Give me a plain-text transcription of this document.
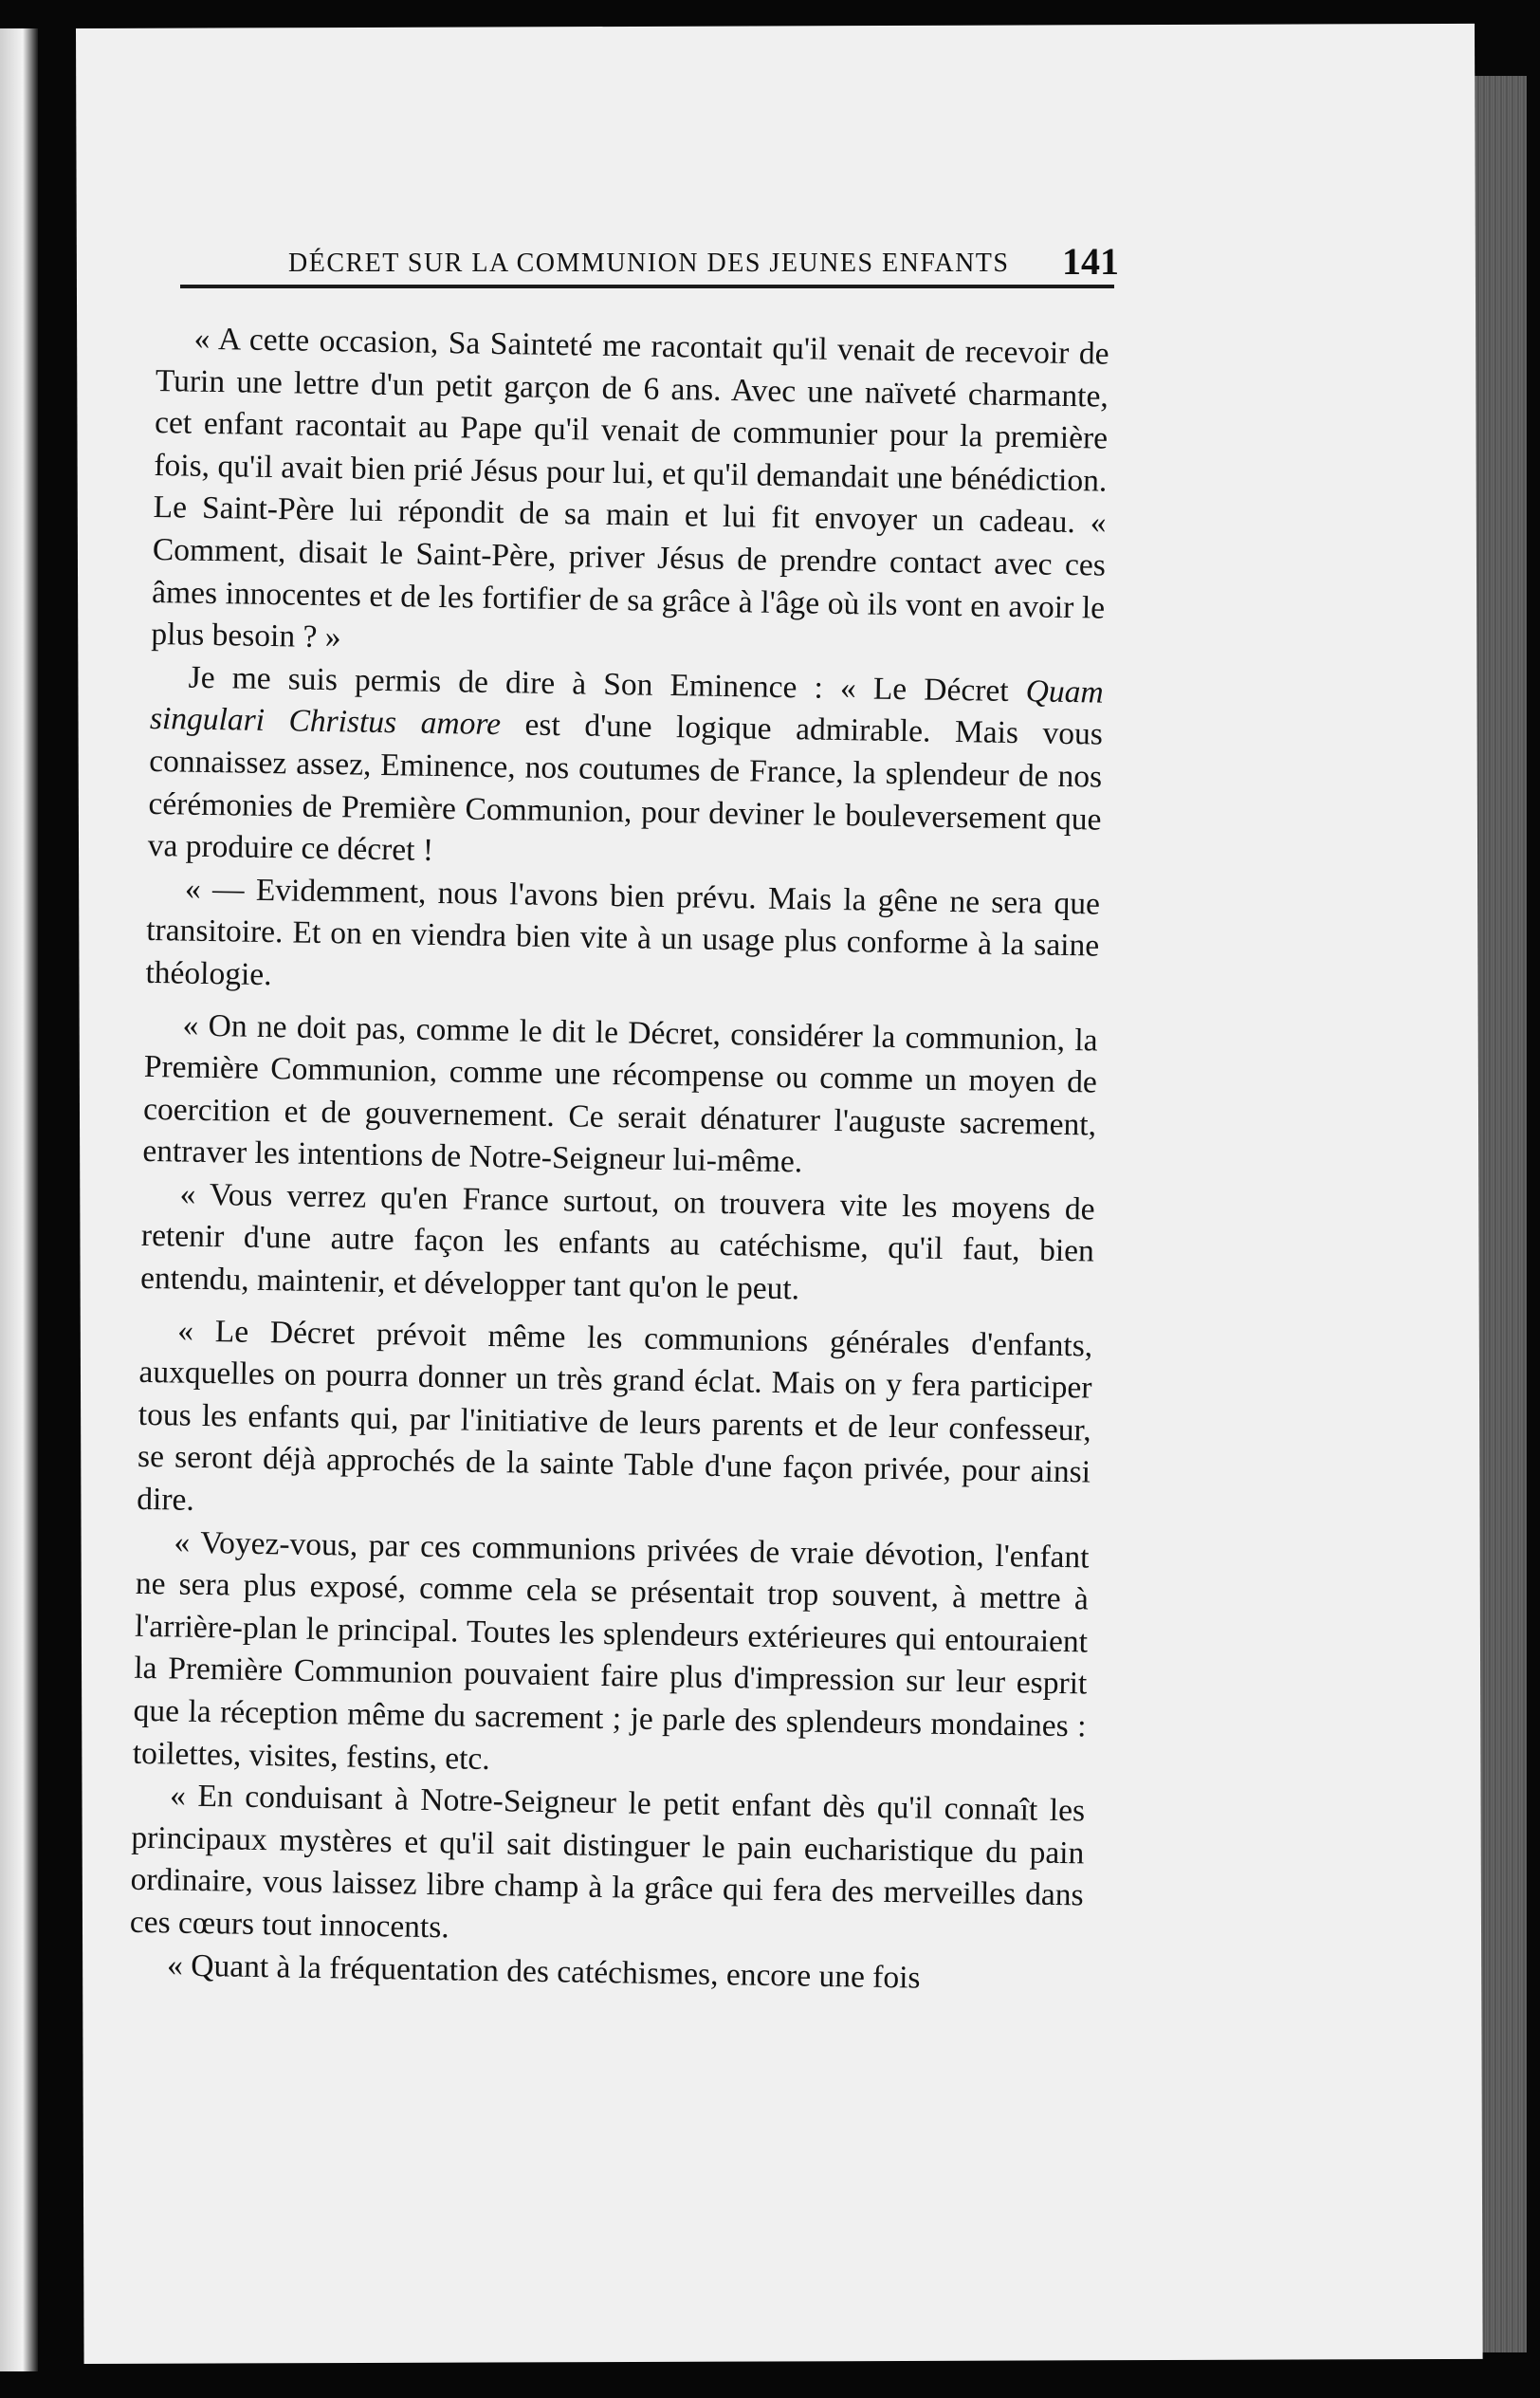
DÉCRET SUR LA COMMUNION DES JEUNES ENFANTS 141

« A cette occasion, Sa Sainteté me racontait qu'il venait de recevoir de Turin une lettre d'un petit garçon de 6 ans. Avec une naïveté charmante, cet enfant racontait au Pape qu'il venait de communier pour la première fois, qu'il avait bien prié Jésus pour lui, et qu'il demandait une bénédiction. Le Saint-Père lui répondit de sa main et lui fit envoyer un cadeau. « Comment, disait le Saint-Père, priver Jésus de prendre contact avec ces âmes innocentes et de les fortifier de sa grâce à l'âge où ils vont en avoir le plus besoin ? »

Je me suis permis de dire à Son Eminence : « Le Décret Quam singulari Christus amore est d'une logique admirable. Mais vous connaissez assez, Eminence, nos coutumes de France, la splendeur de nos cérémonies de Première Communion, pour deviner le bouleversement que va produire ce décret !

« — Evidemment, nous l'avons bien prévu. Mais la gêne ne sera que transitoire. Et on en viendra bien vite à un usage plus conforme à la saine théologie.

« On ne doit pas, comme le dit le Décret, considérer la communion, la Première Communion, comme une récompense ou comme un moyen de coercition et de gouvernement. Ce serait dénaturer l'auguste sacrement, entraver les intentions de Notre-Seigneur lui-même.

« Vous verrez qu'en France surtout, on trouvera vite les moyens de retenir d'une autre façon les enfants au catéchisme, qu'il faut, bien entendu, maintenir, et développer tant qu'on le peut.

« Le Décret prévoit même les communions générales d'enfants, auxquelles on pourra donner un très grand éclat. Mais on y fera participer tous les enfants qui, par l'initiative de leurs parents et de leur confesseur, se seront déjà approchés de la sainte Table d'une façon privée, pour ainsi dire.

« Voyez-vous, par ces communions privées de vraie dévotion, l'enfant ne sera plus exposé, comme cela se présentait trop souvent, à mettre à l'arrière-plan le principal. Toutes les splendeurs extérieures qui entouraient la Première Communion pouvaient faire plus d'impression sur leur esprit que la réception même du sacrement ; je parle des splendeurs mondaines : toilettes, visites, festins, etc.

« En conduisant à Notre-Seigneur le petit enfant dès qu'il connaît les principaux mystères et qu'il sait distinguer le pain eucharistique du pain ordinaire, vous laissez libre champ à la grâce qui fera des merveilles dans ces cœurs tout innocents.

« Quant à la fréquentation des catéchismes, encore une fois
